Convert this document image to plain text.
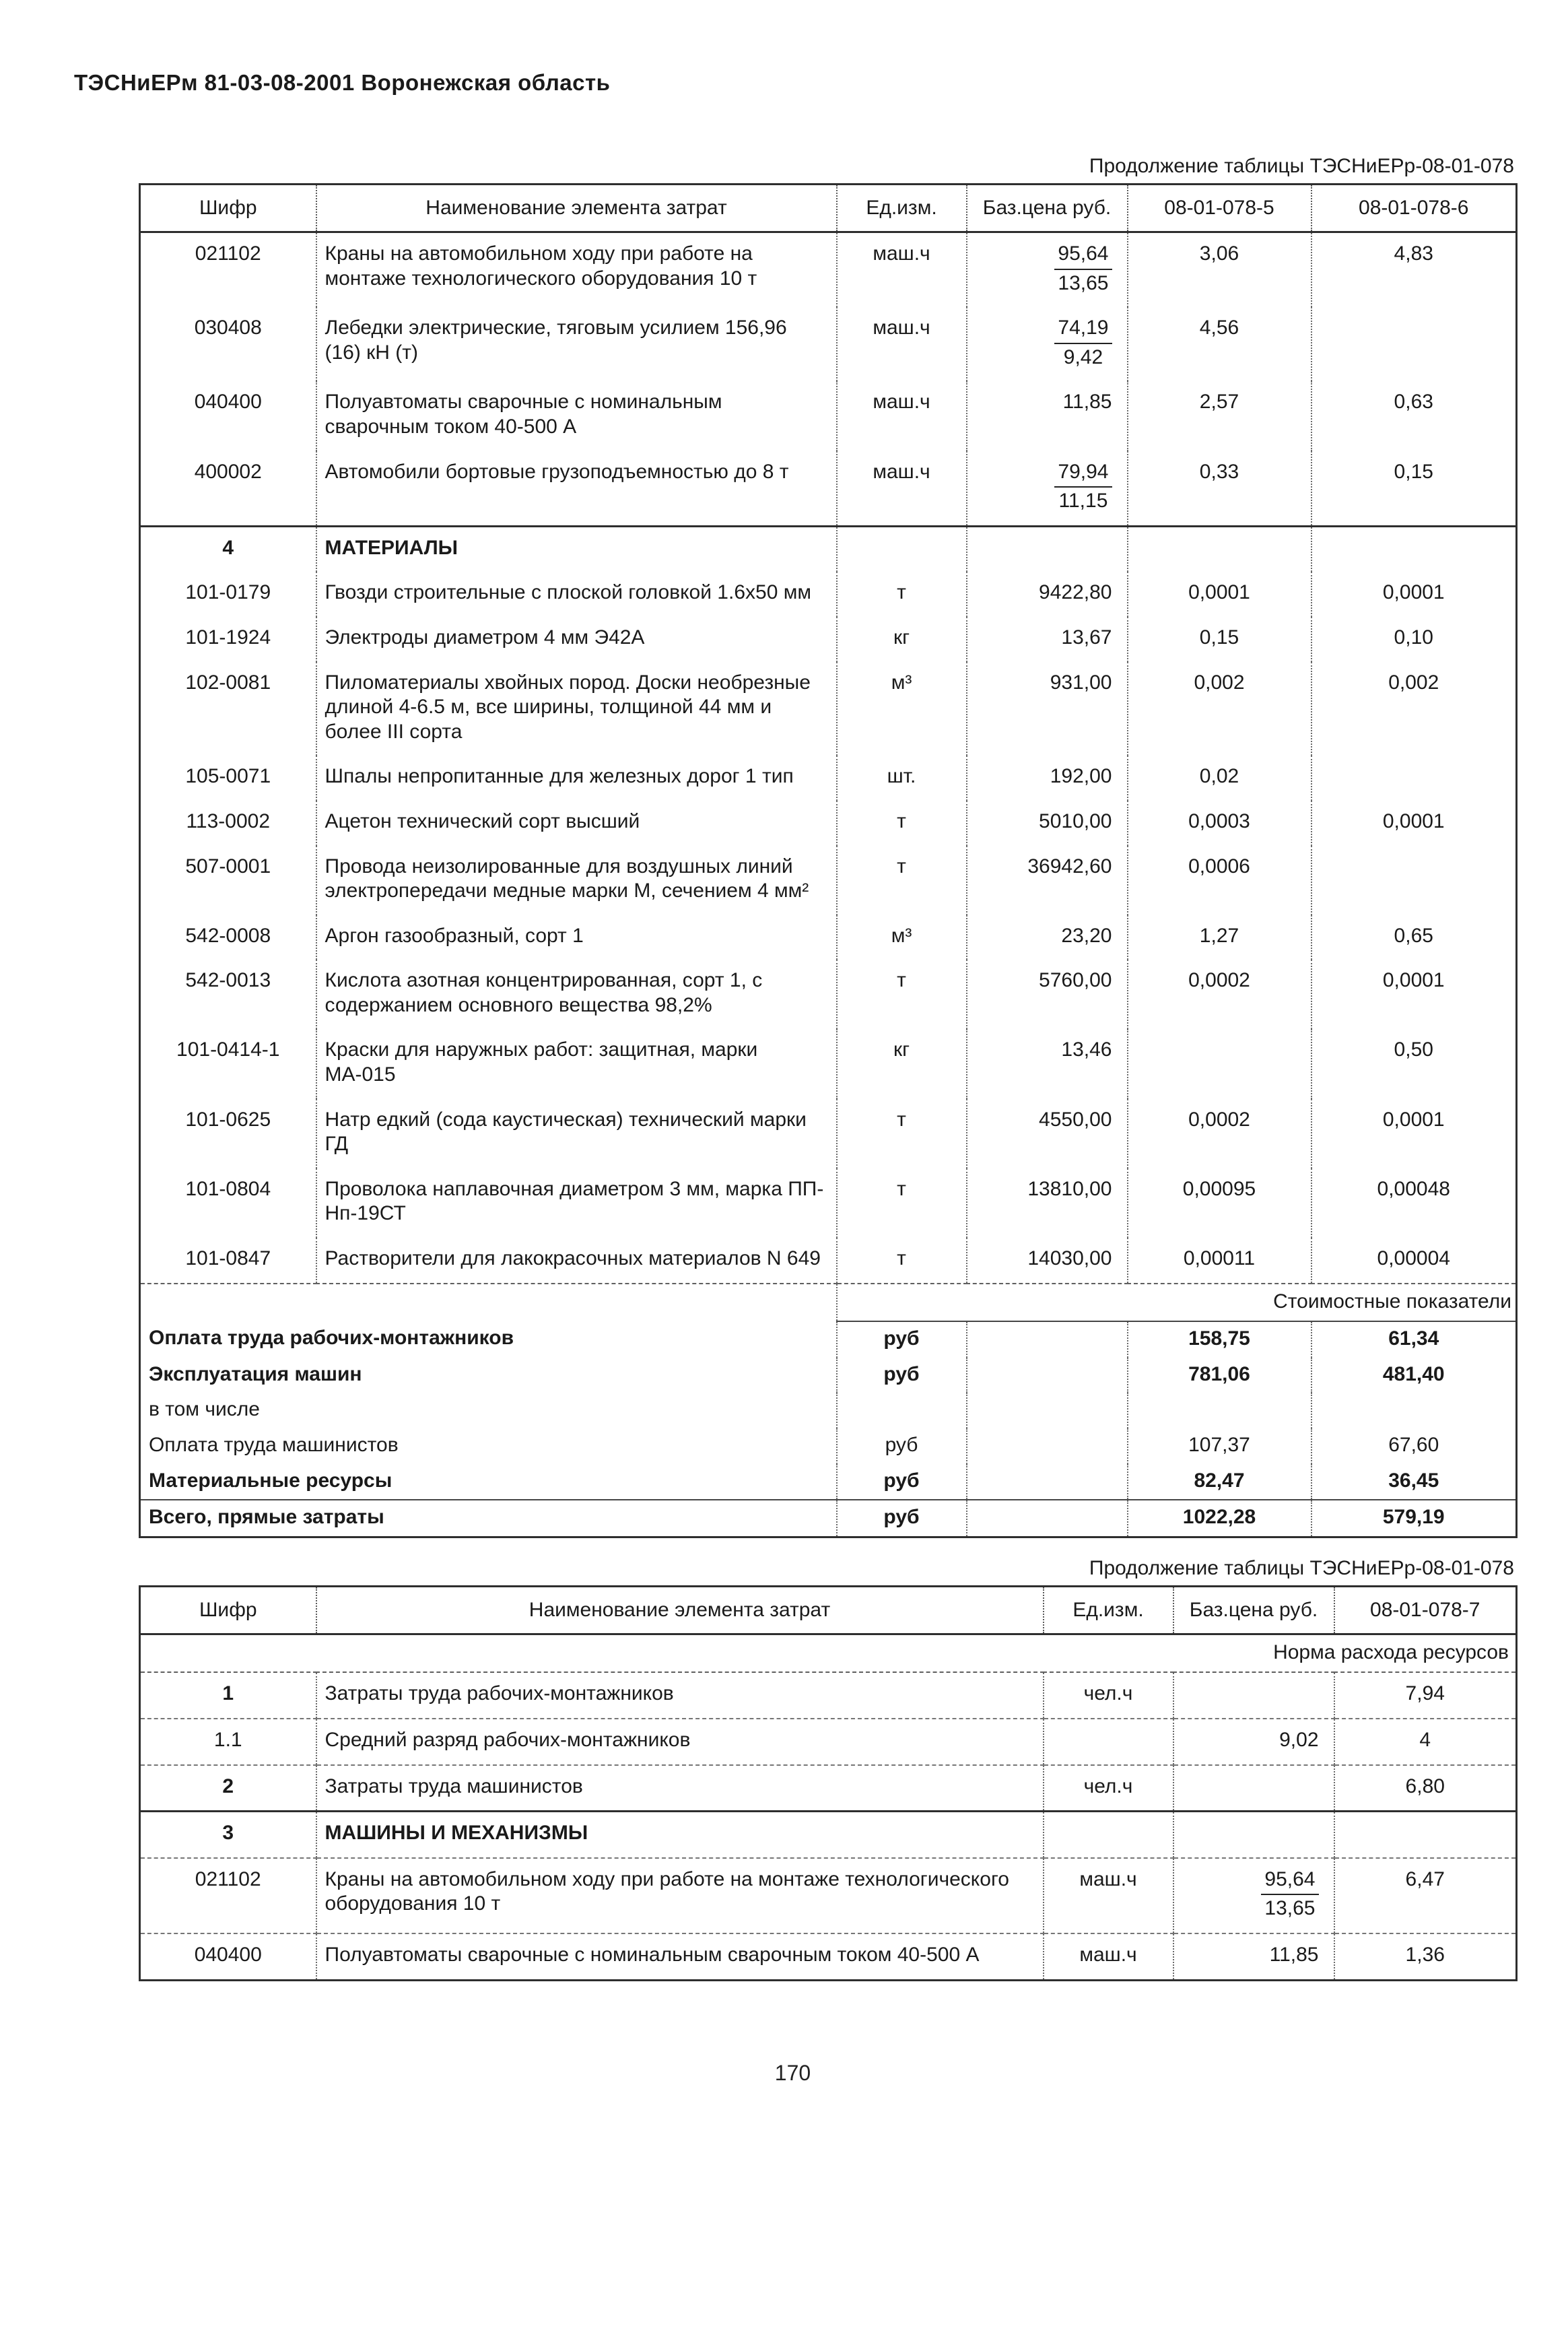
ТЭСНиЕРм 81-03-08-2001 Воронежская область
Продолжение таблицы ТЭСНиЕРр-08-01-078
Шифр	Наименование элемента затрат	Ед.изм.	Баз.цена руб.	08-01-078-5	08-01-078-6
021102	Краны на автомобильном ходу при работе на монтаже технологического оборудования 10 т	маш.ч	$\frac{95,64}{13,65}$	3,06	4,83
030408	Лебедки электрические, тяговым усилием 156,96 (16) кН (т)	маш.ч	$\frac{74,19}{9,42}$	4,56	
040400	Полуавтоматы сварочные с номинальным сварочным током 40-500 А	маш.ч	11,85	2,57	0,63
400002	Автомобили бортовые грузоподъемностью до 8 т	маш.ч	$\frac{79,94}{11,15}$	0,33	0,15
4	МАТЕРИАЛЫ				
101-0179	Гвозди строительные с плоской головкой 1.6х50 мм	т	9422,80	0,0001	0,0001
101-1924	Электроды диаметром 4 мм Э42А	кг	13,67	0,15	0,10
102-0081	Пиломатериалы хвойных пород. Доски необрезные длиной 4-6.5 м, все ширины, толщиной 44 мм и более III сорта	м³	931,00	0,002	0,002
105-0071	Шпалы непропитанные для железных дорог 1 тип	шт.	192,00	0,02	
113-0002	Ацетон технический сорт высший	т	5010,00	0,0003	0,0001
507-0001	Провода неизолированные для воздушных линий электропередачи медные марки М, сечением 4 мм²	т	36942,60	0,0006	
542-0008	Аргон газообразный, сорт 1	м³	23,20	1,27	0,65
542-0013	Кислота азотная концентрированная, сорт 1, с содержанием основного вещества 98,2%	т	5760,00	0,0002	0,0001
101-0414-1	Краски для наружных работ: защитная, марки МА-015	кг	13,46		0,50
101-0625	Натр едкий (сода каустическая) технический марки ГД	т	4550,00	0,0002	0,0001
101-0804	Проволока наплавочная диаметром 3 мм, марка ПП-Нп-19СТ	т	13810,00	0,00095	0,00048
101-0847	Растворители для лакокрасочных материалов N 649	т	14030,00	0,00011	0,00004
		Стоимостные показатели			
Оплата труда рабочих-монтажников		руб		158,75	61,34
Эксплуатация машин		руб		781,06	481,40
в том числе					
Оплата труда машинистов		руб		107,37	67,60
Материальные ресурсы		руб		82,47	36,45
Всего, прямые затраты		руб		1022,28	579,19
Продолжение таблицы ТЭСНиЕРр-08-01-078
Шифр	Наименование элемента затрат	Ед.изм.	Баз.цена руб.	08-01-078-7
Норма расхода ресурсов				
1	Затраты труда рабочих-монтажников	чел.ч		7,94
1.1	Средний разряд рабочих-монтажников		9,02	4
2	Затраты труда машинистов	чел.ч		6,80
3	МАШИНЫ И МЕХАНИЗМЫ			
021102	Краны на автомобильном ходу при работе на монтаже технологического оборудования 10 т	маш.ч	$\frac{95,64}{13,65}$	6,47
040400	Полуавтоматы сварочные с номинальным сварочным током 40-500 А	маш.ч	11,85	1,36
170
